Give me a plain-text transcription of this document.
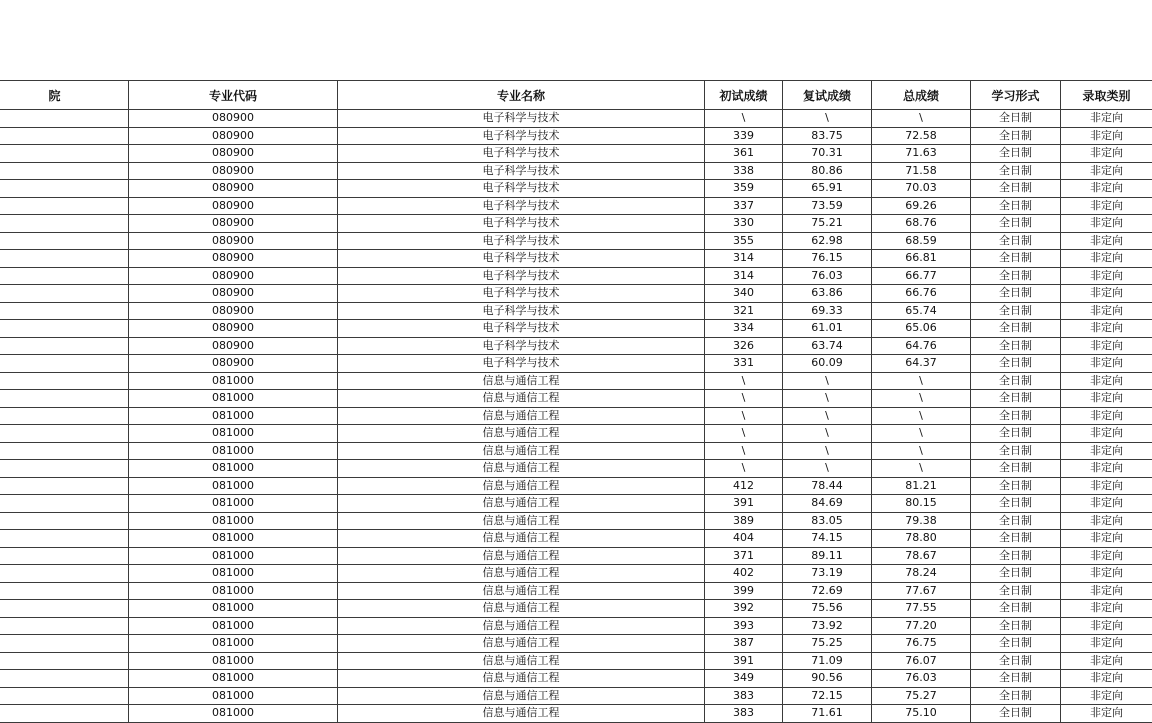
院	专业代码	专业名称	初试成绩	复试成绩	总成绩	学习形式	录取类别
	080900	电子科学与技术	\	\	\	全日制	非定向
	080900	电子科学与技术	339	83.75	72.58	全日制	非定向
	080900	电子科学与技术	361	70.31	71.63	全日制	非定向
	080900	电子科学与技术	338	80.86	71.58	全日制	非定向
	080900	电子科学与技术	359	65.91	70.03	全日制	非定向
	080900	电子科学与技术	337	73.59	69.26	全日制	非定向
	080900	电子科学与技术	330	75.21	68.76	全日制	非定向
	080900	电子科学与技术	355	62.98	68.59	全日制	非定向
	080900	电子科学与技术	314	76.15	66.81	全日制	非定向
	080900	电子科学与技术	314	76.03	66.77	全日制	非定向
	080900	电子科学与技术	340	63.86	66.76	全日制	非定向
	080900	电子科学与技术	321	69.33	65.74	全日制	非定向
	080900	电子科学与技术	334	61.01	65.06	全日制	非定向
	080900	电子科学与技术	326	63.74	64.76	全日制	非定向
	080900	电子科学与技术	331	60.09	64.37	全日制	非定向
	081000	信息与通信工程	\	\	\	全日制	非定向
	081000	信息与通信工程	\	\	\	全日制	非定向
	081000	信息与通信工程	\	\	\	全日制	非定向
	081000	信息与通信工程	\	\	\	全日制	非定向
	081000	信息与通信工程	\	\	\	全日制	非定向
	081000	信息与通信工程	\	\	\	全日制	非定向
	081000	信息与通信工程	412	78.44	81.21	全日制	非定向
	081000	信息与通信工程	391	84.69	80.15	全日制	非定向
	081000	信息与通信工程	389	83.05	79.38	全日制	非定向
	081000	信息与通信工程	404	74.15	78.80	全日制	非定向
	081000	信息与通信工程	371	89.11	78.67	全日制	非定向
	081000	信息与通信工程	402	73.19	78.24	全日制	非定向
	081000	信息与通信工程	399	72.69	77.67	全日制	非定向
	081000	信息与通信工程	392	75.56	77.55	全日制	非定向
	081000	信息与通信工程	393	73.92	77.20	全日制	非定向
	081000	信息与通信工程	387	75.25	76.75	全日制	非定向
	081000	信息与通信工程	391	71.09	76.07	全日制	非定向
	081000	信息与通信工程	349	90.56	76.03	全日制	非定向
	081000	信息与通信工程	383	72.15	75.27	全日制	非定向
	081000	信息与通信工程	383	71.61	75.10	全日制	非定向
